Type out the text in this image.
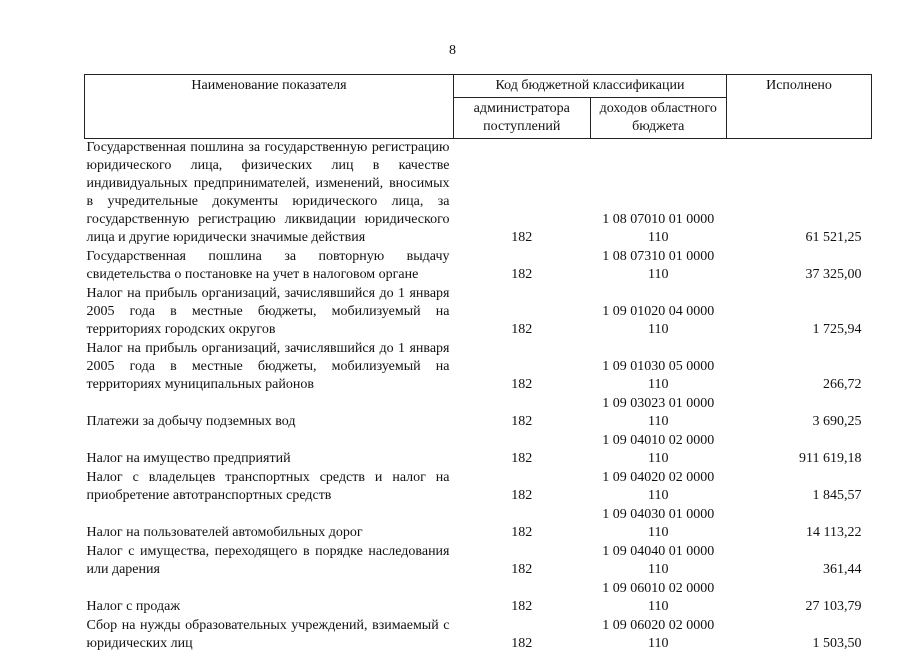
8
Наименование показателя	Код бюджетной классификации		Исполнено
	администратора поступлений	доходов областного бюджета	
Государственная пошлина за государственную регистрацию юридического лица, физических лиц в качестве индивидуальных предпринимателей, изменений, вносимых в учредительные документы юридического лица, за государственную регистрацию ликвидации юридического лица и другие юридически значимые действия	182	1 08 07010 01 0000 110	61 521,25
Государственная пошлина за повторную выдачу свидетельства о постановке на учет в налоговом органе	182	1 08 07310 01 0000 110	37 325,00
Налог на прибыль организаций, зачислявшийся до 1 января 2005 года в местные бюджеты, мобилизуемый на территориях городских округов	182	1 09 01020 04 0000 110	1 725,94
Налог на прибыль организаций, зачислявшийся до 1 января 2005 года в местные бюджеты, мобилизуемый на территориях муниципальных районов	182	1 09 01030 05 0000 110	266,72
Платежи за добычу подземных вод	182	1 09 03023 01 0000 110	3 690,25
Налог на имущество предприятий	182	1 09 04010 02 0000 110	911 619,18
Налог с владельцев транспортных средств и налог на приобретение автотранспортных средств	182	1 09 04020 02 0000 110	1 845,57
Налог на пользователей автомобильных дорог	182	1 09 04030 01 0000 110	14 113,22
Налог с имущества, переходящего в порядке наследования или дарения	182	1 09 04040 01 0000 110	361,44
Налог с продаж	182	1 09 06010 02 0000 110	27 103,79
Сбор на нужды образовательных учреждений, взимаемый с юридических лиц	182	1 09 06020 02 0000 110	1 503,50
